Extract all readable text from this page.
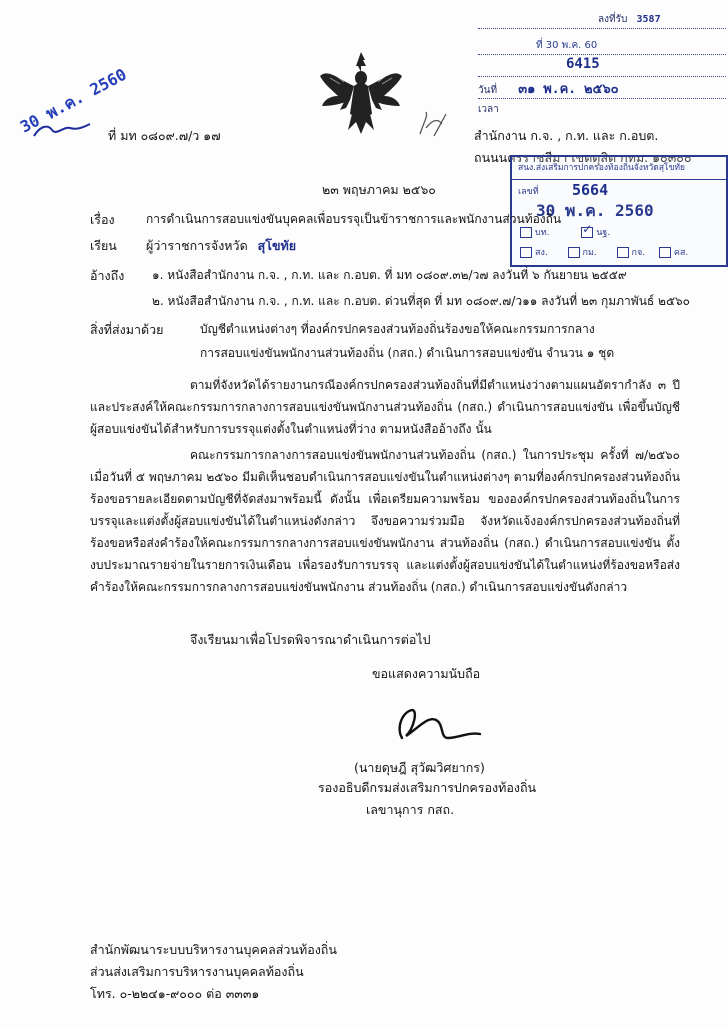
ลงที่รับ 3587
ที่ 30 พ.ค. 60
6415
วันที่ ๓๑ พ.ค. ๒๕๖๐
เวลา
30 พ.ค. 2560
ที่ มท ๐๘๐๙.๗/ว ๑๗	สำนักงาน ก.จ. , ก.ท. และ ก.อบต.
ถนนนครราชสีมา เขตดุสิต กทม. ๑๐๓๐๐
๒๓ พฤษภาคม ๒๕๖๐
สนง.ส่งเสริมการปกครองท้องถิ่นจังหวัดสุโขทัย
เลขที่ 5664
30 พ.ค. 2560
บท.	✓ นฐ.
สง.	กม.	กจ.	คส.
เรื่อง	การดำเนินการสอบแข่งขันบุคคลเพื่อบรรจุเป็นข้าราชการและพนักงานส่วนท้องถิ่น
เรียน ผู้ว่าราชการจังหวัด สุโขทัย
อ้างถึง ๑. หนังสือสำนักงาน ก.จ. , ก.ท. และ ก.อบต. ที่ มท ๐๘๐๙.๓๒/ว๗ ลงวันที่ ๖ กันยายน ๒๕๕๙
๒. หนังสือสำนักงาน ก.จ. , ก.ท. และ ก.อบต. ด่วนที่สุด ที่ มท ๐๘๐๙.๗/ว๑๑ ลงวันที่ ๒๓ กุมภาพันธ์ ๒๕๖๐
สิ่งที่ส่งมาด้วย	บัญชีตำแหน่งต่างๆ ที่องค์กรปกครองส่วนท้องถิ่นร้องขอให้คณะกรรมการกลาง
การสอบแข่งขันพนักงานส่วนท้องถิ่น (กสถ.) ดำเนินการสอบแข่งขัน จำนวน ๑ ชุด
ตามที่จังหวัดได้รายงานกรณีองค์กรปกครองส่วนท้องถิ่นที่มีตำแหน่งว่างตามแผนอัตรากำลัง ๓ ปี และประสงค์ให้คณะกรรมการกลางการสอบแข่งขันพนักงานส่วนท้องถิ่น (กสถ.) ดำเนินการสอบแข่งขัน เพื่อขึ้นบัญชีผู้สอบแข่งขันได้สำหรับการบรรจุแต่งตั้งในตำแหน่งที่ว่าง ตามหนังสืออ้างถึง นั้น
คณะกรรมการกลางการสอบแข่งขันพนักงานส่วนท้องถิ่น (กสถ.) ในการประชุม ครั้งที่ ๗/๒๕๖๐ เมื่อวันที่ ๕ พฤษภาคม ๒๕๖๐ มีมติเห็นชอบดำเนินการสอบแข่งขันในตำแหน่งต่างๆ ตามที่องค์กรปกครองส่วนท้องถิ่นร้องขอรายละเอียดตามบัญชีที่จัดส่งมาพร้อมนี้ ดังนั้น เพื่อเตรียมความพร้อม ขององค์กรปกครองส่วนท้องถิ่นในการบรรจุและแต่งตั้งผู้สอบแข่งขันได้ในตำแหน่งดังกล่าว จึงขอความร่วมมือ จังหวัดแจ้งองค์กรปกครองส่วนท้องถิ่นที่ร้องขอหรือส่งคำร้องให้คณะกรรมการกลางการสอบแข่งขันพนักงาน ส่วนท้องถิ่น (กสถ.) ดำเนินการสอบแข่งขัน ตั้งงบประมาณรายจ่ายในรายการเงินเดือน เพื่อรองรับการบรรจุ และแต่งตั้งผู้สอบแข่งขันได้ในตำแหน่งที่ร้องขอหรือส่งคำร้องให้คณะกรรมการกลางการสอบแข่งขันพนักงาน ส่วนท้องถิ่น (กสถ.) ดำเนินการสอบแข่งขันดังกล่าว
จึงเรียนมาเพื่อโปรดพิจารณาดำเนินการต่อไป
ขอแสดงความนับถือ
(นายดุษฎี สุวัฒวิศยากร)
รองอธิบดีกรมส่งเสริมการปกครองท้องถิ่น
เลขานุการ กสถ.
สำนักพัฒนาระบบบริหารงานบุคคลส่วนท้องถิ่น
ส่วนส่งเสริมการบริหารงานบุคคลท้องถิ่น
โทร. ๐-๒๒๔๑-๙๐๐๐ ต่อ ๓๓๓๑
